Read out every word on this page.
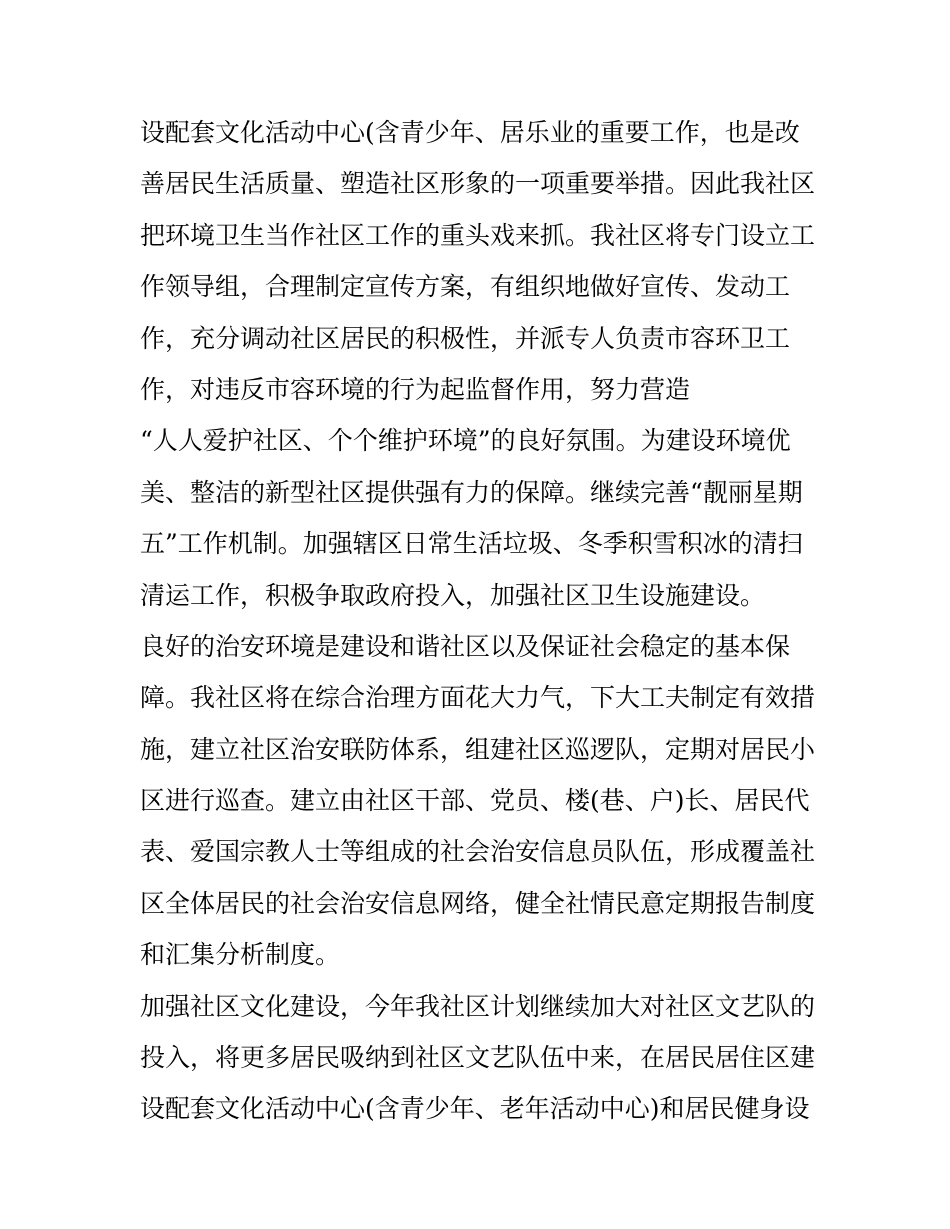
设配套文化活动中心(含青少年、居乐业的重要工作，也是改
善居民生活质量、塑造社区形象的一项重要举措。因此我社区
把环境卫生当作社区工作的重头戏来抓。我社区将专门设立工
作领导组，合理制定宣传方案，有组织地做好宣传、发动工
作，充分调动社区居民的积极性，并派专人负责市容环卫工
作，对违反市容环境的行为起监督作用，努力营造
“人人爱护社区、个个维护环境”的良好氛围。为建设环境优
美、整洁的新型社区提供强有力的保障。继续完善“靓丽星期
五”工作机制。加强辖区日常生活垃圾、冬季积雪积冰的清扫
清运工作，积极争取政府投入，加强社区卫生设施建设。
良好的治安环境是建设和谐社区以及保证社会稳定的基本保
障。我社区将在综合治理方面花大力气，下大工夫制定有效措
施，建立社区治安联防体系，组建社区巡逻队，定期对居民小
区进行巡查。建立由社区干部、党员、楼(巷、户)长、居民代
表、爱国宗教人士等组成的社会治安信息员队伍，形成覆盖社
区全体居民的社会治安信息网络，健全社情民意定期报告制度
和汇集分析制度。
加强社区文化建设，今年我社区计划继续加大对社区文艺队的
投入，将更多居民吸纳到社区文艺队伍中来，在居民居住区建
设配套文化活动中心(含青少年、老年活动中心)和居民健身设
